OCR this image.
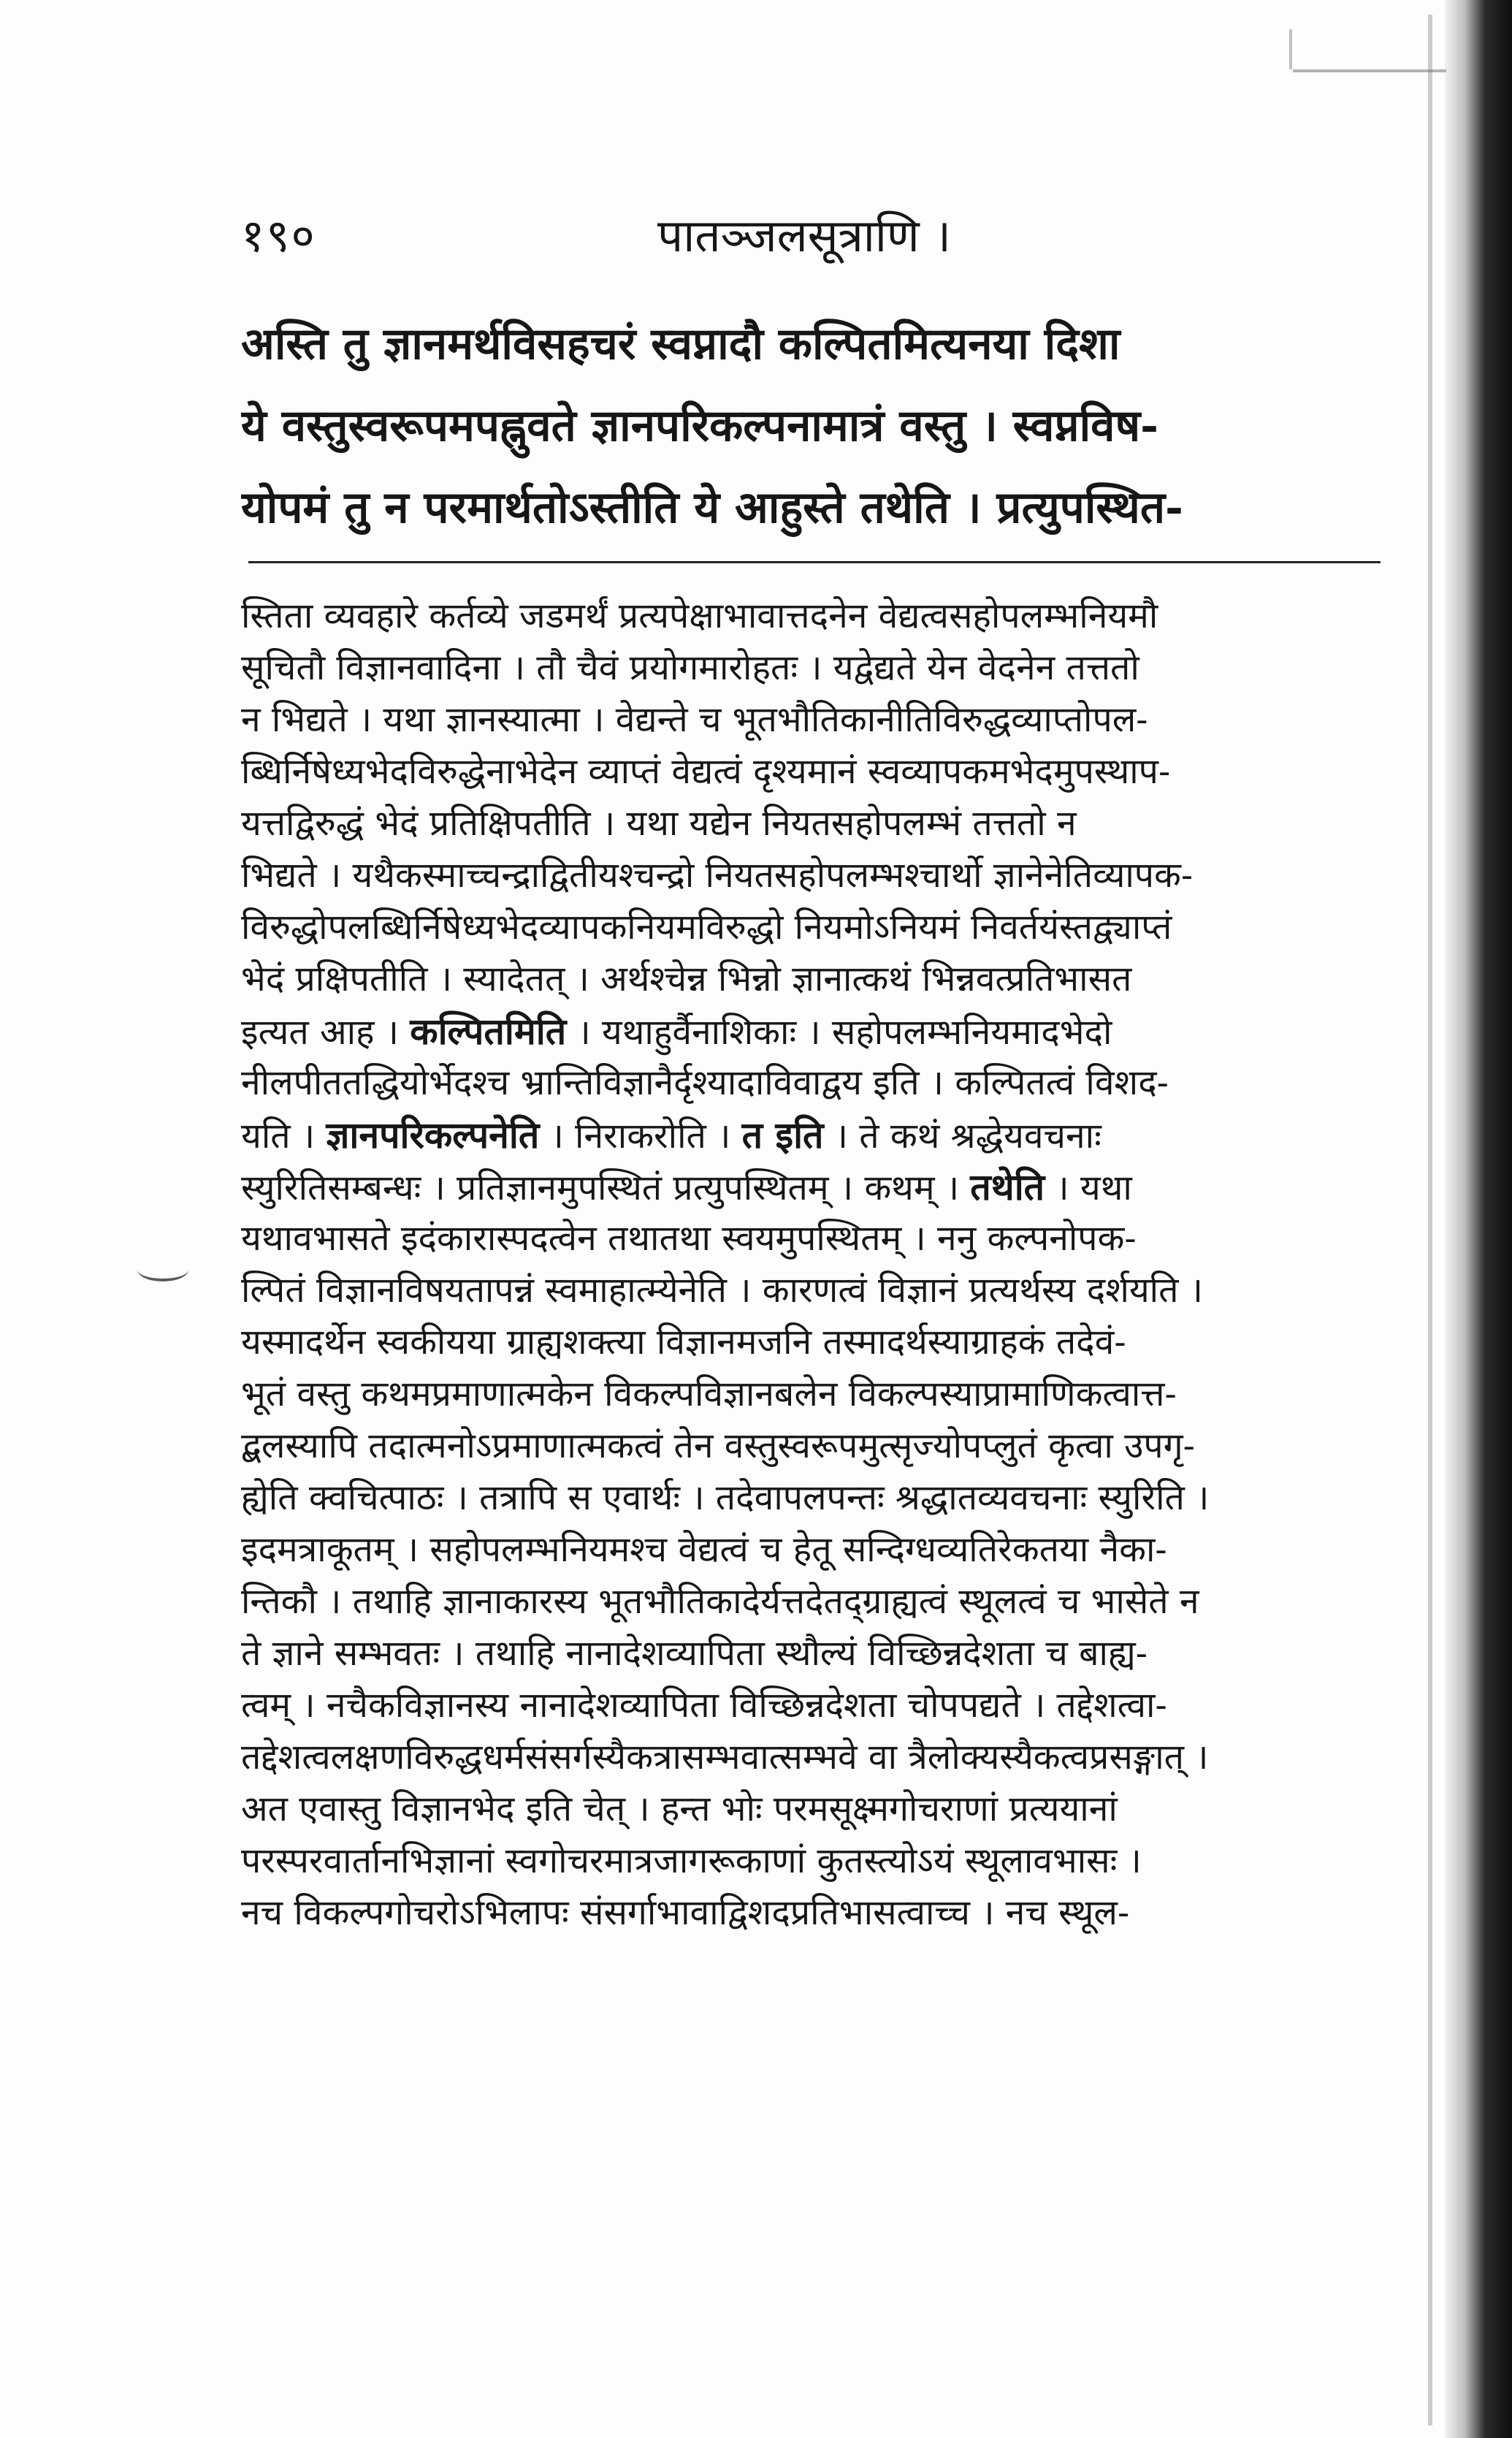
१९०	पातञ्जलसूत्राणि ।
अस्ति तु ज्ञानमर्थविसहचरं स्वप्नादौ कल्पितमित्यनया दिशा
ये वस्तुस्वरूपमपह्नुवते ज्ञानपरिकल्पनामात्रं वस्तु । स्वप्नविष-
योपमं तु न परमार्थतोऽस्तीति ये आहुस्ते तथेति । प्रत्युपस्थित-
स्तिता व्यवहारे कर्तव्ये जडमर्थं प्रत्यपेक्षाभावात्तदनेन वेद्यत्वसहोपलम्भनियमौ
सूचितौ विज्ञानवादिना । तौ चैवं प्रयोगमारोहतः । यद्वेद्यते येन वेदनेन तत्ततो
न भिद्यते । यथा ज्ञानस्यात्मा । वेद्यन्ते च भूतभौतिकानीतिविरुद्धव्याप्तोपल-
ब्धिर्निषेध्यभेदविरुद्धेनाभेदेन व्याप्तं वेद्यत्वं दृश्यमानं स्वव्यापकमभेदमुपस्थाप-
यत्तद्विरुद्धं भेदं प्रतिक्षिपतीति । यथा यद्येन नियतसहोपलम्भं तत्ततो न
भिद्यते । यथैकस्माच्चन्द्राद्वितीयश्चन्द्रो नियतसहोपलम्भश्चार्थो ज्ञानेनेतिव्यापक-
विरुद्धोपलब्धिर्निषेध्यभेदव्यापकनियमविरुद्धो नियमोऽनियमं निवर्तयंस्तद्व्याप्तं
भेदं प्रक्षिपतीति । स्यादेतत् । अर्थश्चेन्न भिन्नो ज्ञानात्कथं भिन्नवत्प्रतिभासत
इत्यत आह । कल्पितमिति । यथाहुर्वैनाशिकाः । सहोपलम्भनियमादभेदो
नीलपीततद्धियोर्भेदश्च भ्रान्तिविज्ञानैर्दृश्यादाविवाद्वय इति । कल्पितत्वं विशद-
यति । ज्ञानपरिकल्पनेति । निराकरोति । त इति । ते कथं श्रद्धेयवचनाः
स्युरितिसम्बन्धः । प्रतिज्ञानमुपस्थितं प्रत्युपस्थितम् । कथम् । तथेति । यथा
यथावभासते इदंकारास्पदत्वेन तथातथा स्वयमुपस्थितम् । ननु कल्पनोपक-
ल्पितं विज्ञानविषयतापन्नं स्वमाहात्म्येनेति । कारणत्वं विज्ञानं प्रत्यर्थस्य दर्शयति ।
यस्मादर्थेन स्वकीयया ग्राह्यशक्त्या विज्ञानमजनि तस्मादर्थस्याग्राहकं तदेवं-
भूतं वस्तु कथमप्रमाणात्मकेन विकल्पविज्ञानबलेन विकल्पस्याप्रामाणिकत्वात्त-
द्बलस्यापि तदात्मनोऽप्रमाणात्मकत्वं तेन वस्तुस्वरूपमुत्सृज्योपप्लुतं कृत्वा उपगृ-
ह्येति क्वचित्पाठः । तत्रापि स एवार्थः । तदेवापलपन्तः श्रद्धातव्यवचनाः स्युरिति ।
इदमत्राकूतम् । सहोपलम्भनियमश्च वेद्यत्वं च हेतू सन्दिग्धव्यतिरेकतया नैका-
न्तिकौ । तथाहि ज्ञानाकारस्य भूतभौतिकादेर्यत्तदेतद्ग्राह्यत्वं स्थूलत्वं च भासेते न
ते ज्ञाने सम्भवतः । तथाहि नानादेशव्यापिता स्थौल्यं विच्छिन्नदेशता च बाह्य-
त्वम् । नचैकविज्ञानस्य नानादेशव्यापिता विच्छिन्नदेशता चोपपद्यते । तद्देशत्वा-
तद्देशत्वलक्षणविरुद्धधर्मसंसर्गस्यैकत्रासम्भवात्सम्भवे वा त्रैलोक्यस्यैकत्वप्रसङ्गात् ।
अत एवास्तु विज्ञानभेद इति चेत् । हन्त भोः परमसूक्ष्मगोचराणां प्रत्ययानां
परस्परवार्तानभिज्ञानां स्वगोचरमात्रजागरूकाणां कुतस्त्योऽयं स्थूलावभासः ।
नच विकल्पगोचरोऽभिलापः संसर्गाभावाद्विशदप्रतिभासत्वाच्च । नच स्थूल-
